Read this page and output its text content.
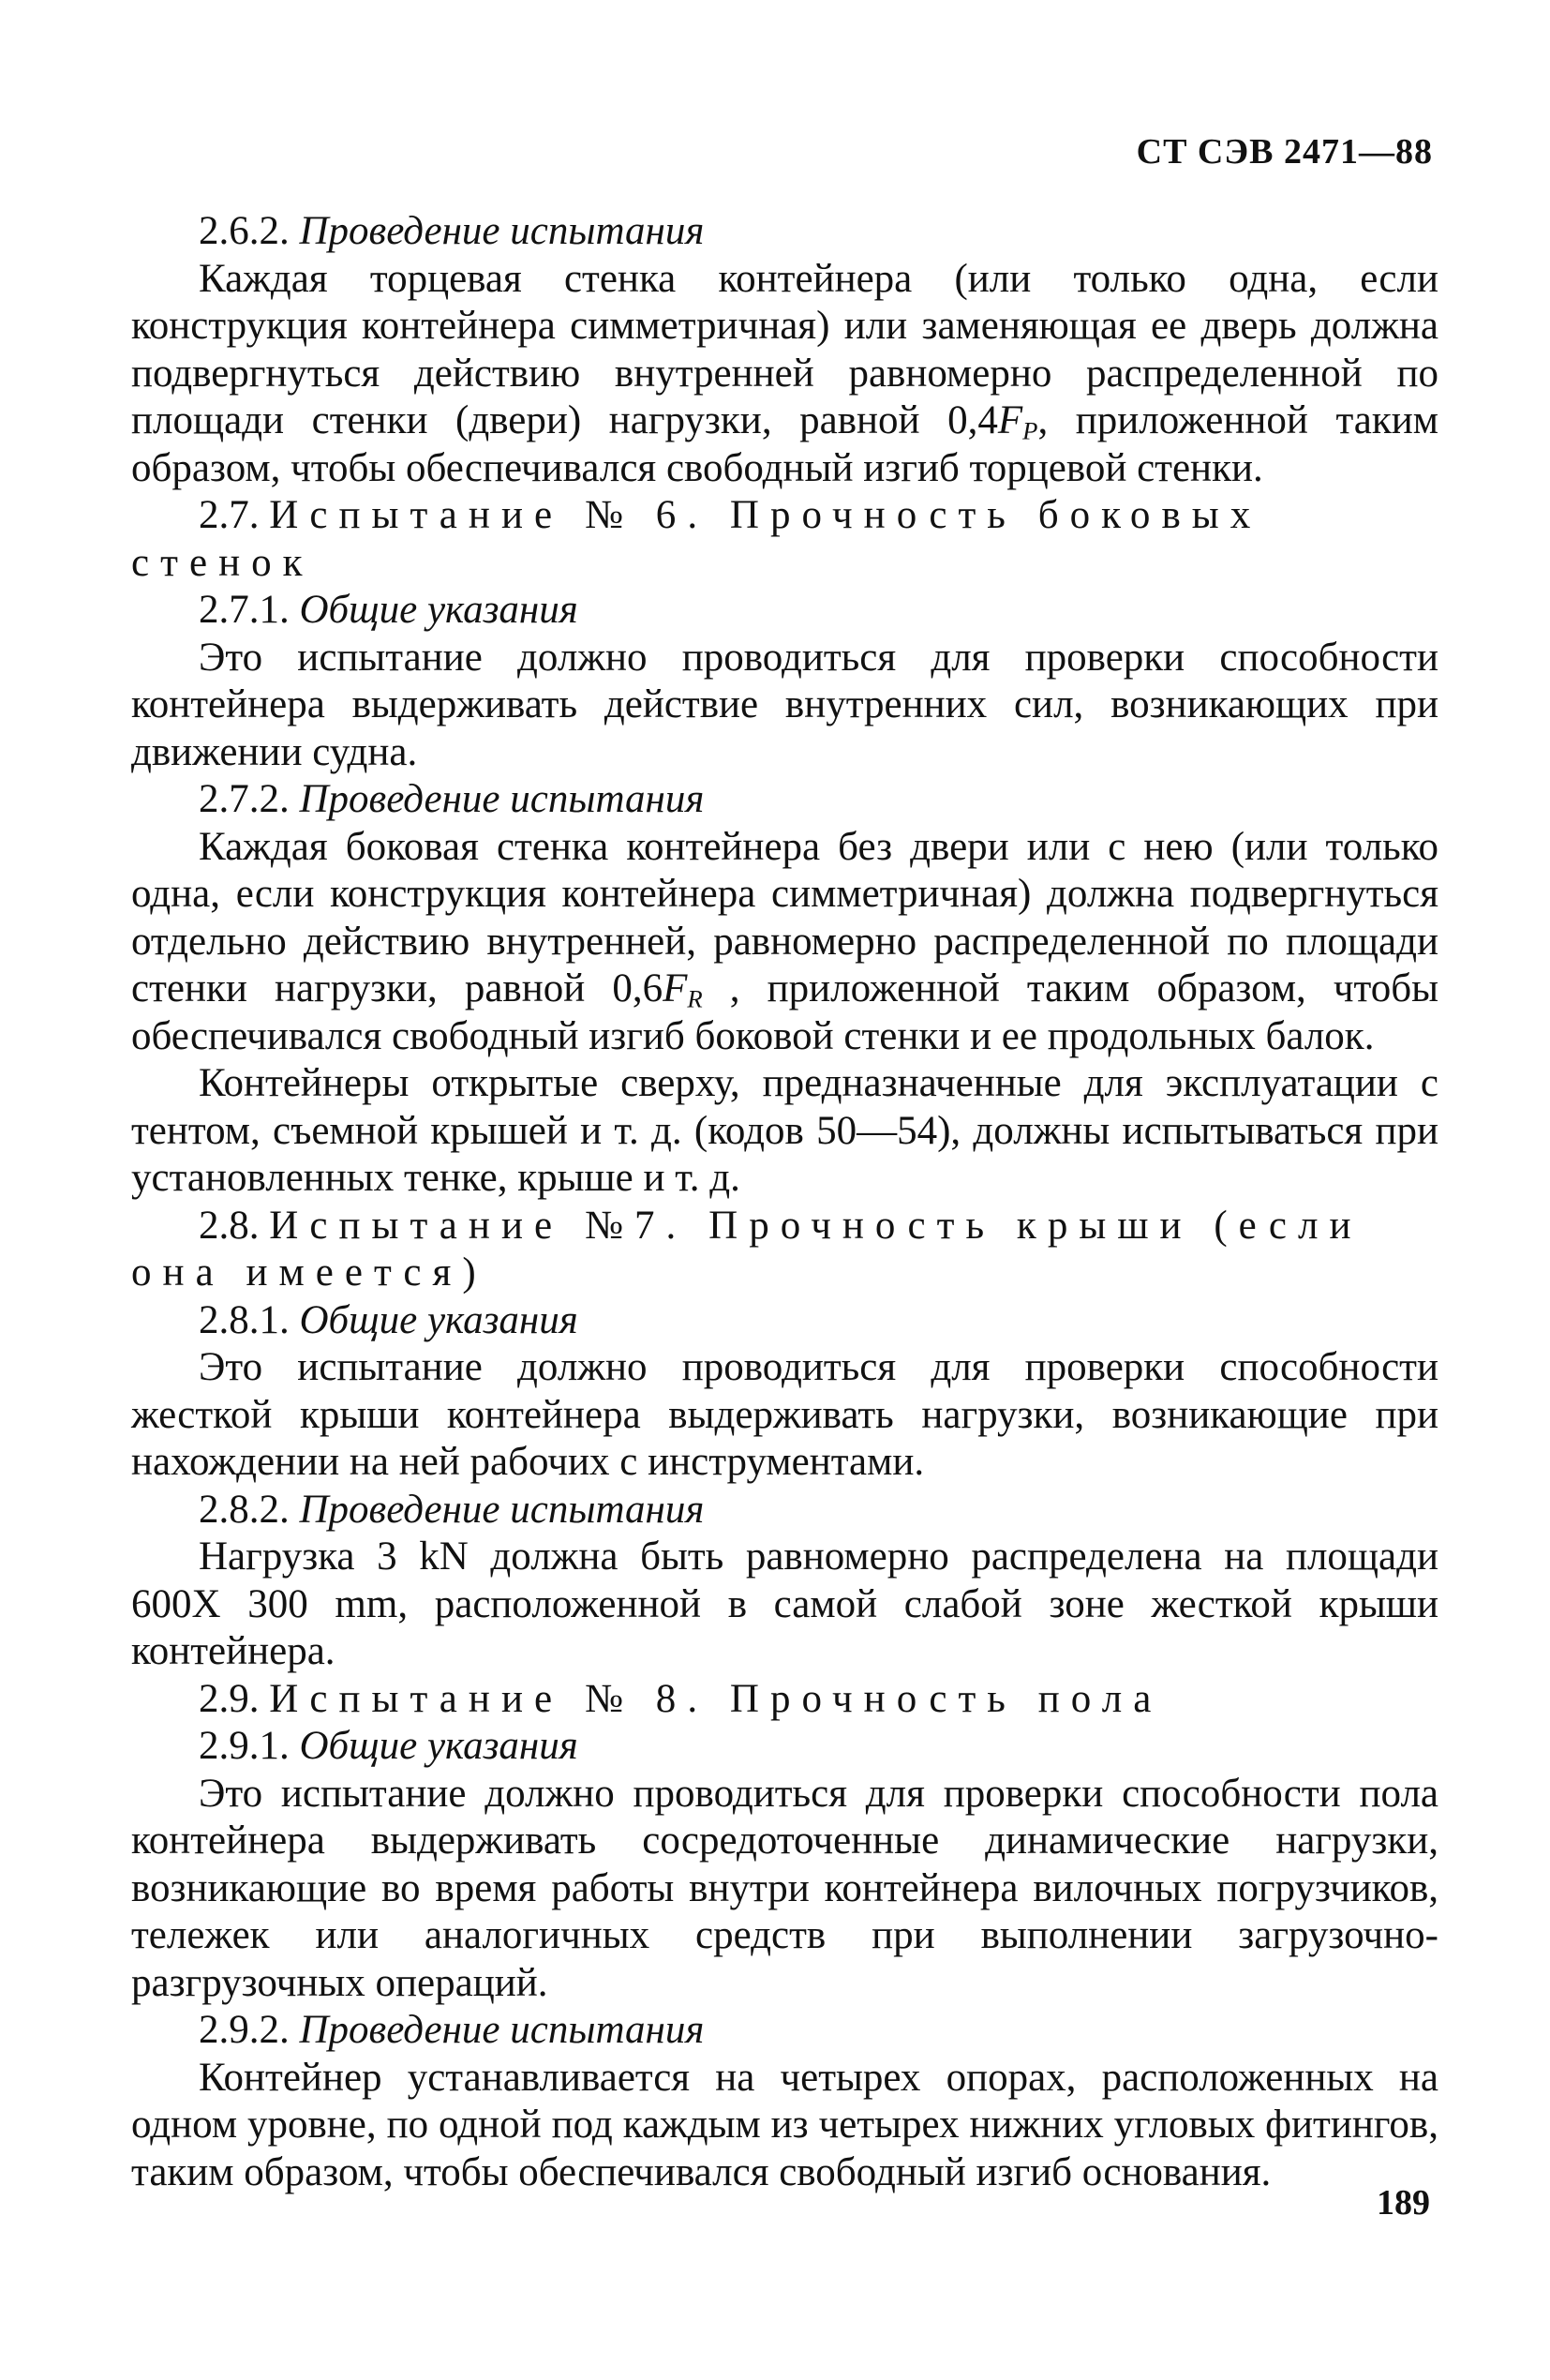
СТ СЭВ 2471—88

2.6.2. Проведение испытания

Каждая торцевая стенка контейнера (или только одна, если конструкция контейнера симметричная) или заменяющая ее дверь должна подвергнуться действию внутренней равномерно распределенной по площади стенки (двери) нагрузки, равной $0,4F_P$, приложенной таким образом, чтобы обеспечивался свободный изгиб торцевой стенки.

2.7. Испытание № 6. Прочность боковых стенок

2.7.1. Общие указания

Это испытание должно проводиться для проверки способности контейнера выдерживать действие внутренних сил, возникающих при движении судна.

2.7.2. Проведение испытания

Каждая боковая стенка контейнера без двери или с нею (или только одна, если конструкция контейнера симметричная) должна подвергнуться отдельно действию внутренней, равномерно распределенной по площади стенки нагрузки, равной $0,6F_R$ , приложенной таким образом, чтобы обеспечивался свободный изгиб боковой стенки и ее продольных балок.

Контейнеры открытые сверху, предназначенные для эксплуатации с тентом, съемной крышей и т. д. (кодов 50—54), должны испытываться при установленных тенке, крыше и т. д.

2.8. Испытание №7. Прочность крыши (если она имеется)

2.8.1. Общие указания

Это испытание должно проводиться для проверки способности жесткой крыши контейнера выдерживать нагрузки, возникающие при нахождении на ней рабочих с инструментами.

2.8.2. Проведение испытания

Нагрузка 3 kN должна быть равномерно распределена на площади 600Х 300 mm, расположенной в самой слабой зоне жесткой крыши контейнера.

2.9. Испытание № 8. Прочность пола

2.9.1. Общие указания

Это испытание должно проводиться для проверки способности пола контейнера выдерживать сосредоточенные динамические нагрузки, возникающие во время работы внутри контейнера вилочных погрузчиков, тележек или аналогичных средств при выполнении загрузочно-разгрузочных операций.

2.9.2. Проведение испытания

Контейнер устанавливается на четырех опорах, расположенных на одном уровне, по одной под каждым из четырех нижних угловых фитингов, таким образом, чтобы обеспечивался свободный изгиб основания.

189
